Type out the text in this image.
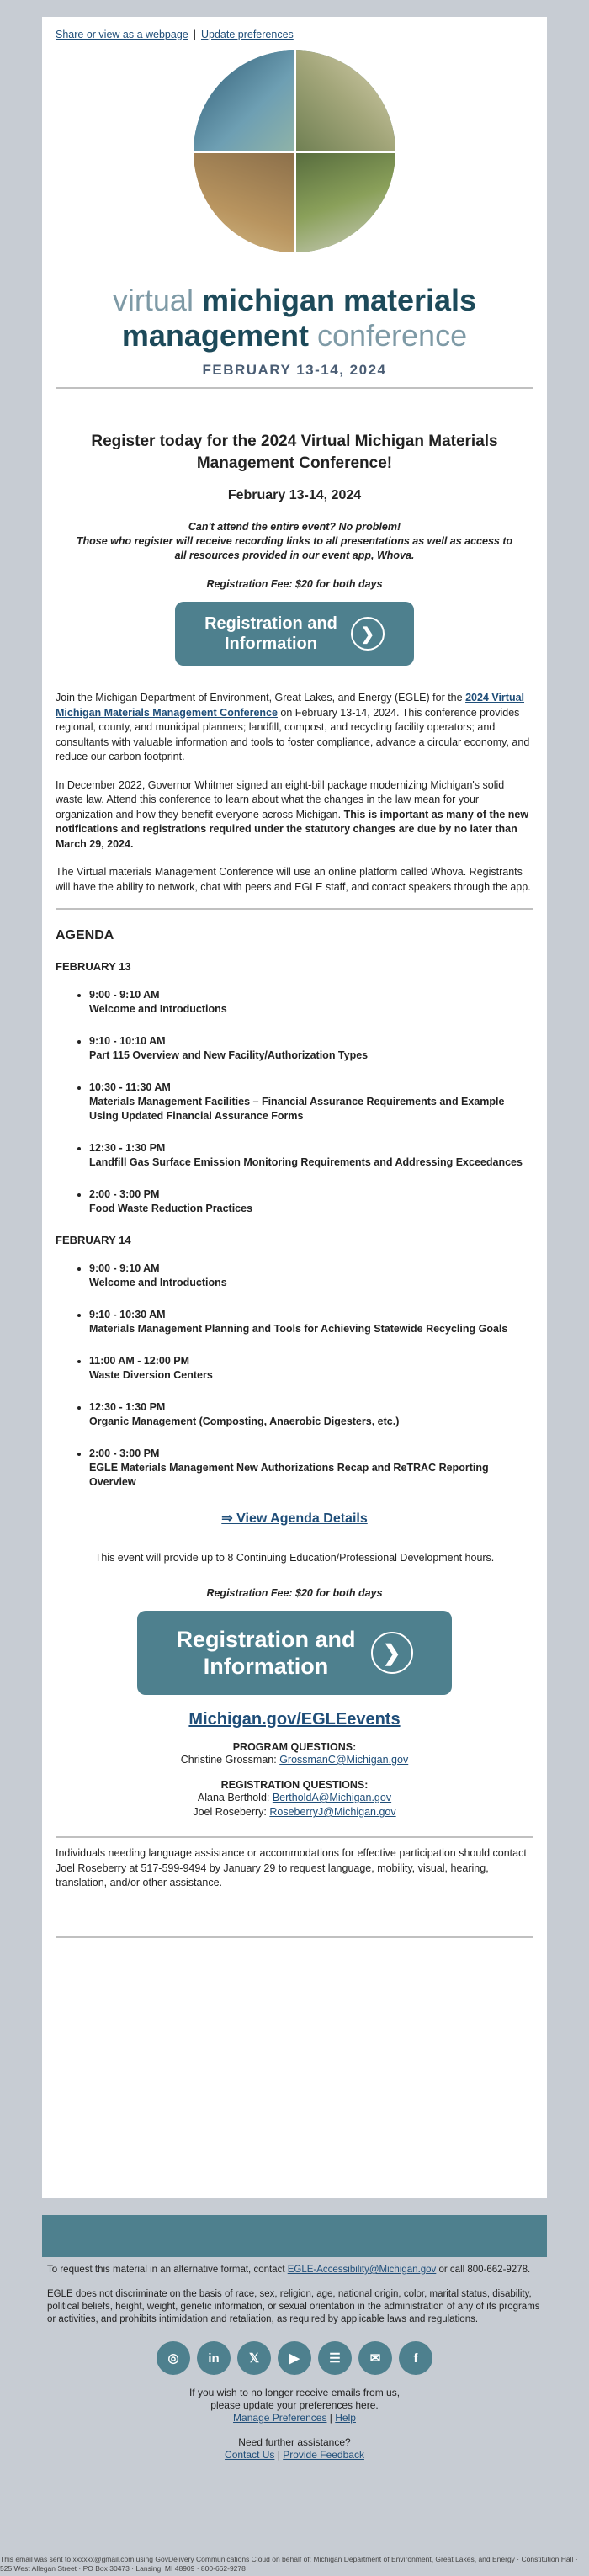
Share or view as a webpage | Update preferences
virtual michigan materials
management conference
FEBRUARY 13-14, 2024
Register today for the 2024 Virtual Michigan Materials Management Conference!
February 13-14, 2024
Can't attend the entire event? No problem!
Those who register will receive recording links to all presentations as well as access to all resources provided in our event app, Whova.
Registration Fee: $20 for both days
Registration and
Information
❯

Join the Michigan Department of Environment, Great Lakes, and Energy (EGLE) for the 2024 Virtual Michigan Materials Management Conference on February 13-14, 2024. This conference provides regional, county, and municipal planners; landfill, compost, and recycling facility operators; and consultants with valuable information and tools to foster compliance, advance a circular economy, and reduce our carbon footprint.

In December 2022, Governor Whitmer signed an eight-bill package modernizing Michigan's solid waste law. Attend this conference to learn about what the changes in the law mean for your organization and how they benefit everyone across Michigan. This is important as many of the new notifications and registrations required under the statutory changes are due by no later than March 29, 2024.

The Virtual materials Management Conference will use an online platform called Whova. Registrants will have the ability to network, chat with peers and EGLE staff, and contact speakers through the app.

AGENDA
FEBRUARY 13
• 9:00 - 9:10 AM
Welcome and Introductions
• 9:10 - 10:10 AM
Part 115 Overview and New Facility/Authorization Types
• 10:30 - 11:30 AM
Materials Management Facilities – Financial Assurance Requirements and Example Using Updated Financial Assurance Forms
• 12:30 - 1:30 PM
Landfill Gas Surface Emission Monitoring Requirements and Addressing Exceedances
• 2:00 - 3:00 PM
Food Waste Reduction Practices
FEBRUARY 14
• 9:00 - 9:10 AM
Welcome and Introductions
• 9:10 - 10:30 AM
Materials Management Planning and Tools for Achieving Statewide Recycling Goals
• 11:00 AM - 12:00 PM
Waste Diversion Centers
• 12:30 - 1:30 PM
Organic Management (Composting, Anaerobic Digesters, etc.)
• 2:00 - 3:00 PM
EGLE Materials Management New Authorizations Recap and ReTRAC Reporting Overview
⇒ View Agenda Details
This event will provide up to 8 Continuing Education/Professional Development hours.
Registration Fee: $20 for both days
Registration and
Information
❯
Michigan.gov/EGLEevents
PROGRAM QUESTIONS:
Christine Grossman: GrossmanC@Michigan.gov
REGISTRATION QUESTIONS:
Alana Berthold: BertholdA@Michigan.gov
Joel Roseberry: RoseberryJ@Michigan.gov

Individuals needing language assistance or accommodations for effective participation should contact Joel Roseberry at 517-599-9494 by January 29 to request language, mobility, visual, hearing, translation, and/or other assistance.

To request this material in an alternative format, contact EGLE-Accessibility@Michigan.gov or call 800-662-9278.

EGLE does not discriminate on the basis of race, sex, religion, age, national origin, color, marital status, disability, political beliefs, height, weight, genetic information, or sexual orientation in the administration of any of its programs or activities, and prohibits intimidation and retaliation, as required by applicable laws and regulations.

◎	in	𝕏	▶	☰	✉	f
If you wish to no longer receive emails from us,
please update your preferences here.
Manage Preferences | Help
Need further assistance?
Contact Us | Provide Feedback
This email was sent to xxxxxx@gmail.com using GovDelivery Communications Cloud on behalf of: Michigan Department of Environment, Great Lakes, and Energy · Constitution Hall · 525 West Allegan Street · PO Box 30473 · Lansing, MI 48909 · 800-662-9278
